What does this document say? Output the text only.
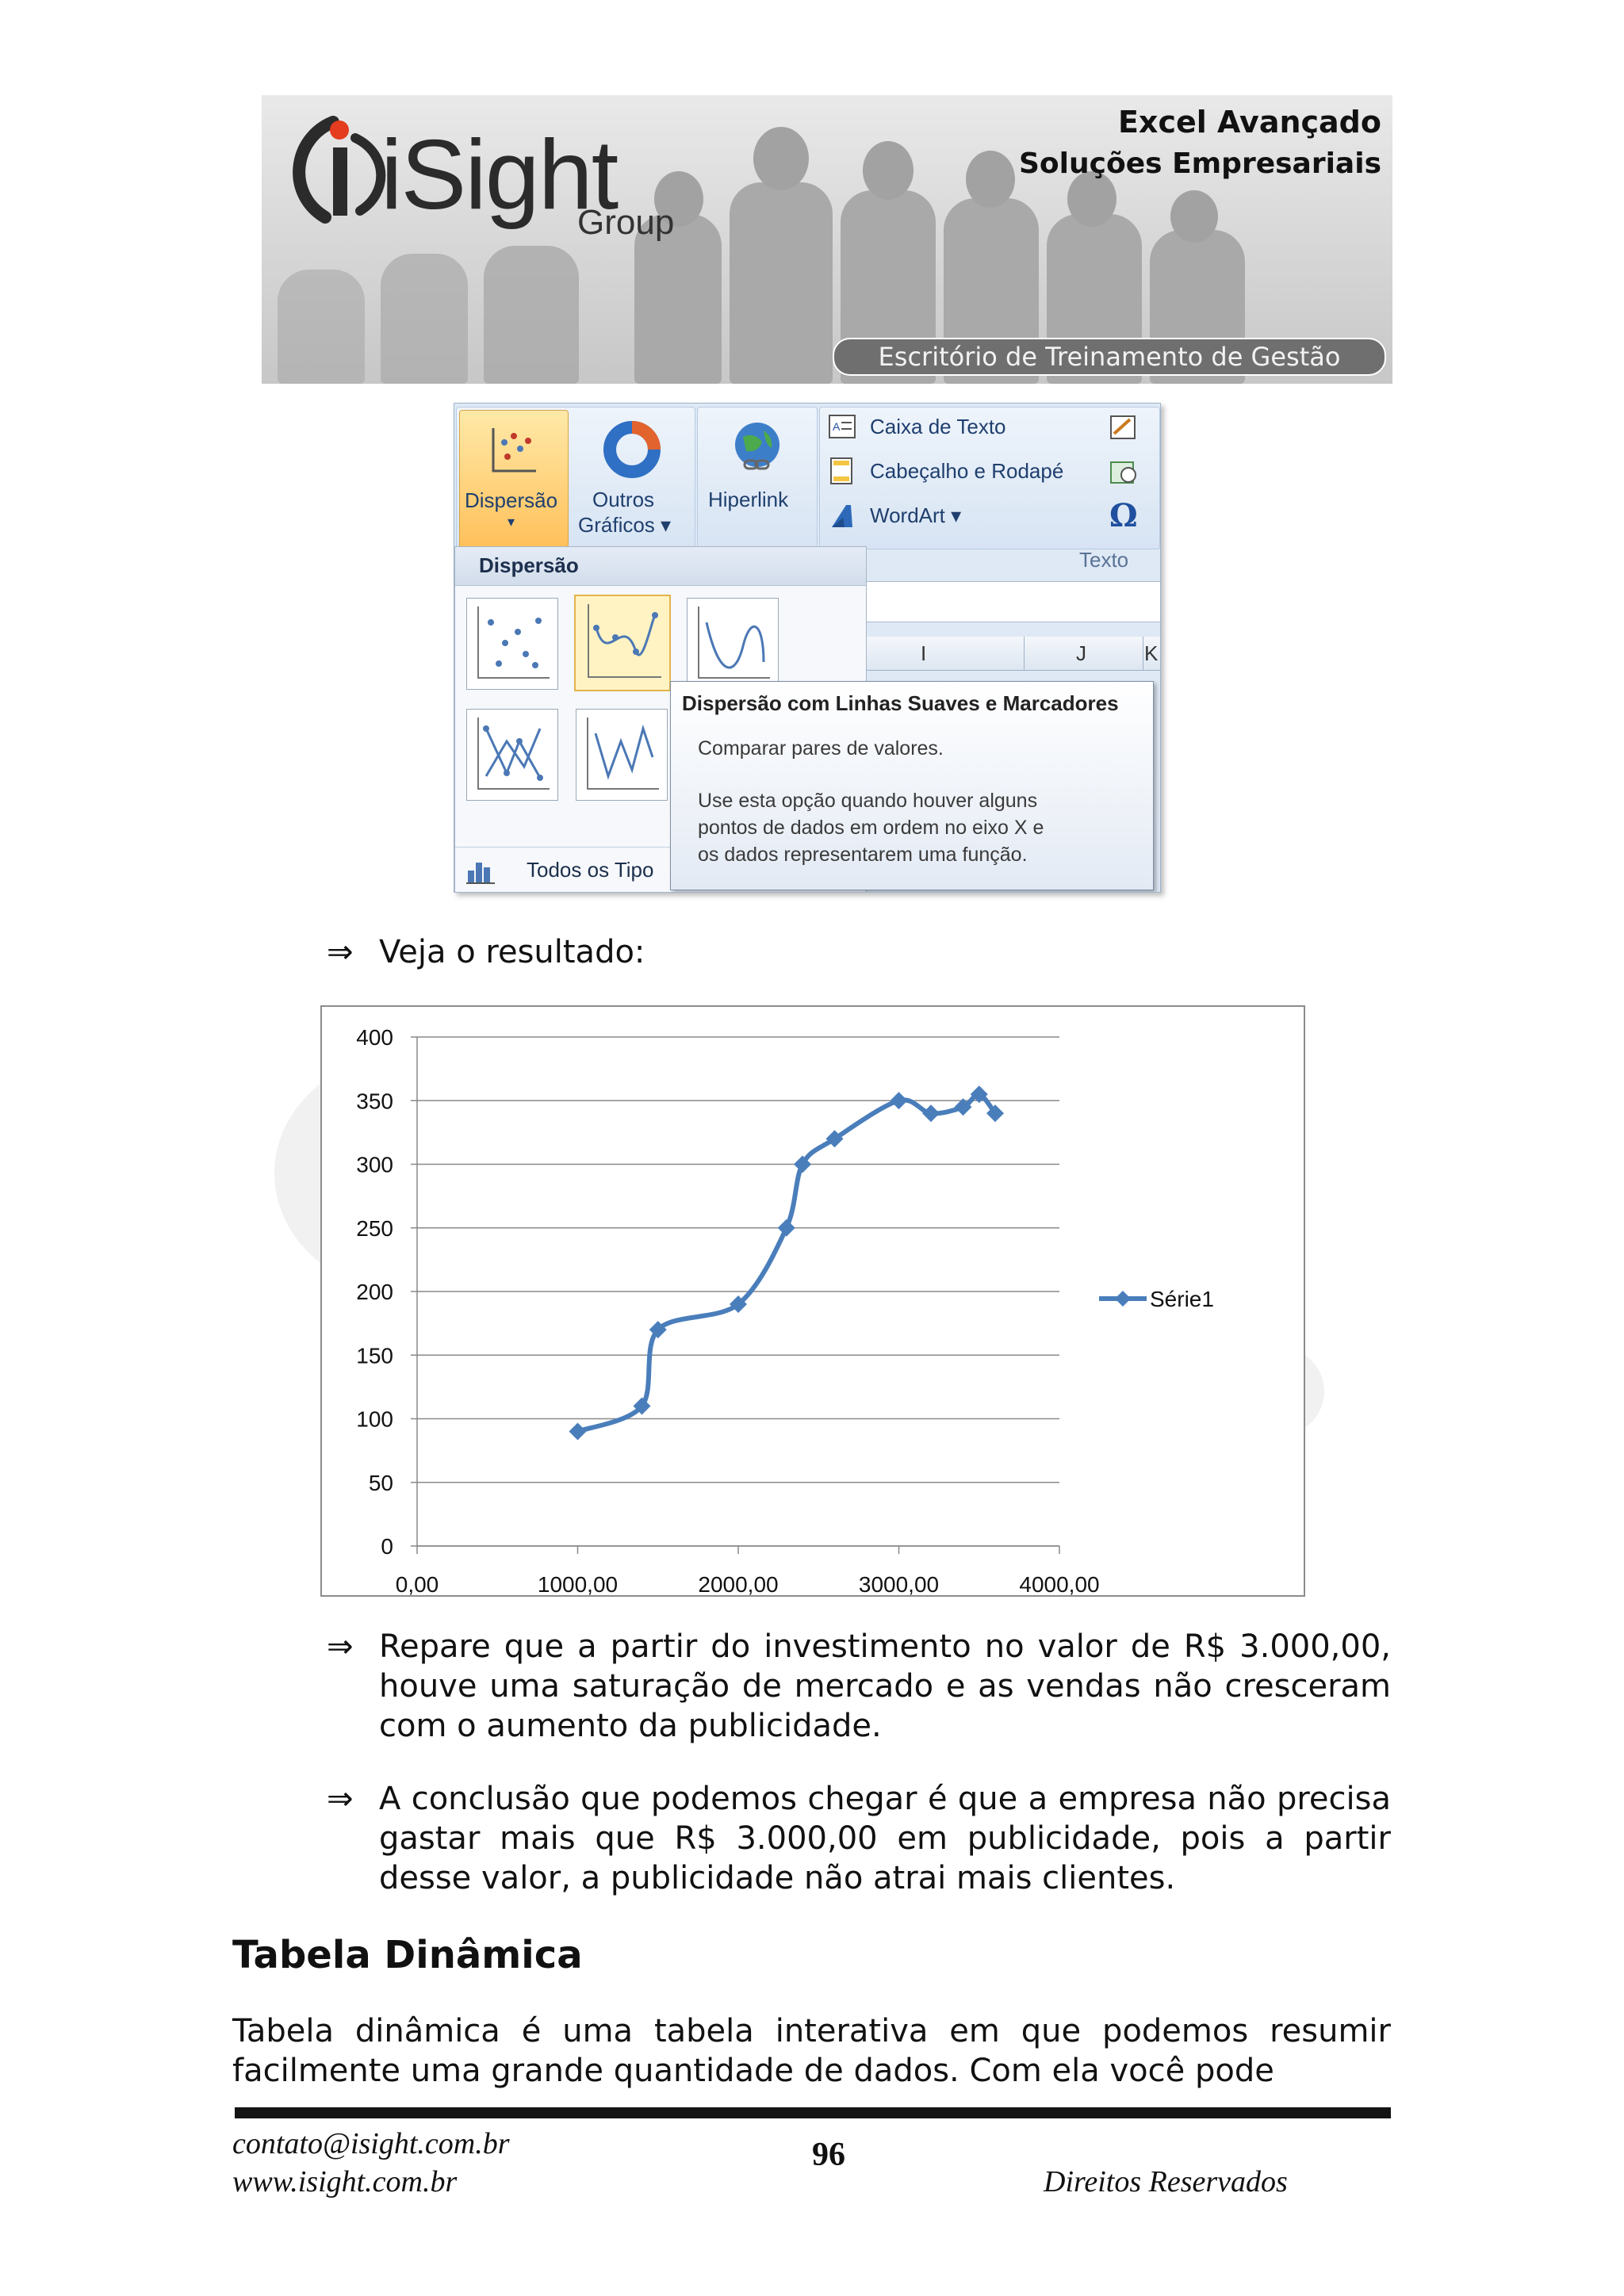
iSight
Group
Excel Avançado
Soluções Empresariais
Escritório de Treinamento de Gestão
Dispersão
▾
Outros
Gráficos ▾
Hiperlink
A Caixa de Texto
Cabeçalho e Rodapé
WordArt ▾	Ω
Texto
I	J	K
Dispersão
Todos os Tipo
Dispersão com Linhas Suaves e Marcadores
Comparar pares de valores.
Use esta opção quando houver alguns
pontos de dados em ordem no eixo X e
os dados representarem uma função.
⇒ Veja o resultado:
0
50
100
150
200
250
300
350
400
0,00	1000,00	2000,00	3000,00	4000,00
Série1
⇒ Repare que a partir do investimento no valor de R$ 3.000,00, houve uma saturação de mercado e as vendas não cresceram com o aumento da publicidade.
⇒ A conclusão que podemos chegar é que a empresa não precisa gastar mais que R$ 3.000,00 em publicidade, pois a partir desse valor, a publicidade não atrai mais clientes.
Tabela Dinâmica
Tabela dinâmica é uma tabela interativa em que podemos resumir facilmente uma grande quantidade de dados. Com ela você pode
contato@isight.com.br
www.isight.com.br
96
Direitos Reservados
